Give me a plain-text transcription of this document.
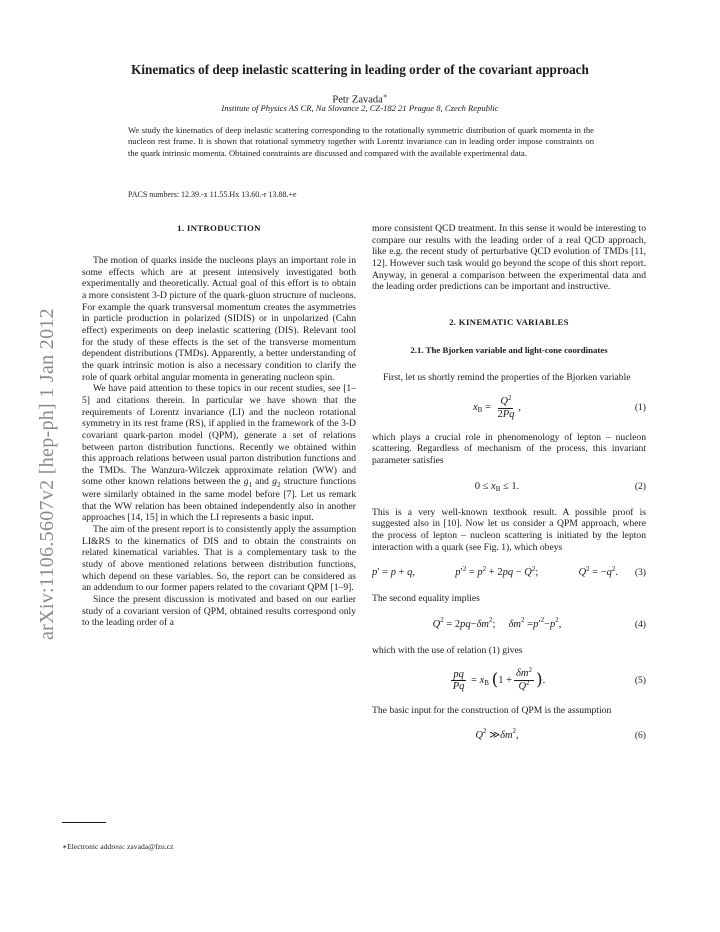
arXiv:1106.5607v2 [hep-ph] 1 Jan 2012
Kinematics of deep inelastic scattering in leading order of the covariant approach
Petr Zavada∗
Institute of Physics AS CR, Na Slovance 2, CZ-182 21 Prague 8, Czech Republic
We study the kinematics of deep inelastic scattering corresponding to the rotationally symmetric distribution of quark momenta in the nucleon rest frame. It is shown that rotational symmetry together with Lorentz invariance can in leading order impose constraints on the quark intrinsic momenta. Obtained constraints are discussed and compared with the available experimental data.
PACS numbers: 12.39.-x 11.55.Hx 13.60.-r 13.88.+e
1. INTRODUCTION

The motion of quarks inside the nucleons plays an important role in some effects which are at present intensively investigated both experimentally and theoretically. Actual goal of this effort is to obtain a more consistent 3-D picture of the quark-gluon structure of nucleons. For example the quark transversal momentum creates the asymmetries in particle production in polarized (SIDIS) or in unpolarized (Cahn effect) experiments on deep inelastic scattering (DIS). Relevant tool for the study of these effects is the set of the transverse momentum dependent distributions (TMDs). Apparently, a better understanding of the quark intrinsic motion is also a necessary condition to clarify the role of quark orbital angular momenta in generating nucleon spin.

We have paid attention to these topics in our recent studies, see [1–5] and citations therein. In particular we have shown that the requirements of Lorentz invariance (LI) and the nucleon rotational symmetry in its rest frame (RS), if applied in the framework of the 3-D covariant quark-parton model (QPM), generate a set of relations between parton distribution functions. Recently we obtained within this approach relations between usual parton distribution functions and the TMDs. The Wanzura-Wilczek approximate relation (WW) and some other known relations between the $g_1$ and $g_2$ structure functions were similarly obtained in the same model before [7]. Let us remark that the WW relation has been obtained independently also in another approaches [14, 15] in which the LI represents a basic input.

The aim of the present report is to consistently apply the assumption LI&RS to the kinematics of DIS and to obtain the constraints on related kinematical variables. That is a complementary task to the study of above mentioned relations between distribution functions, which depend on these variables. So, the report can be considered as an addendum to our former papers related to the covariant QPM [1–9].

Since the present discussion is motivated and based on our earlier study of a covariant version of QPM, obtained results correspond only to the leading order of a

more consistent QCD treatment. In this sense it would be interesting to compare our results with the leading order of a real QCD approach, like e.g. the recent study of perturbative QCD evolution of TMDs [11, 12]. However such task would go beyond the scope of this short report. Anyway, in general a comparison between the experimental data and the leading order predictions can be important and instructive.

2. KINEMATIC VARIABLES
2.1. The Bjorken variable and light-cone coordinates

First, let us shortly remind the properties of the Bjorken variable

x $B = \frac{Q^2}{2Pq}$ ,	(1)

which plays a crucial role in phenomenology of lepton – nucleon scattering. Regardless of mechanism of the process, this invariant parameter satisfies

0 ≤ x B ≤ 1.	(2)

This is a very well-known textbook result. A possible proof is suggested also in [10]. Now let us consider a QPM approach, where the process of lepton – nucleon scattering is initiated by the lepton interaction with a quark (see Fig. 1), which obeys

p′ = p + q,	$p'^2 = p^2 + 2pq - Q^2$;	$Q^2 = -q^2$. (3)

The second equality implies

Q 2 = 2 pq − δm 2 ; δm 2 = p ′ 2 − p 2 ,	(4)

which with the use of relation (1) gives

$\frac{pq}{Pq} = x$ B
( $1 + \frac{\delta m^2}{Q^2}$ ) .	(5)

The basic input for the construction of QPM is the assumption

Q 2 ≫ δm 2 ,	(6)
∗Electronic address: zavada@fzu.cz
